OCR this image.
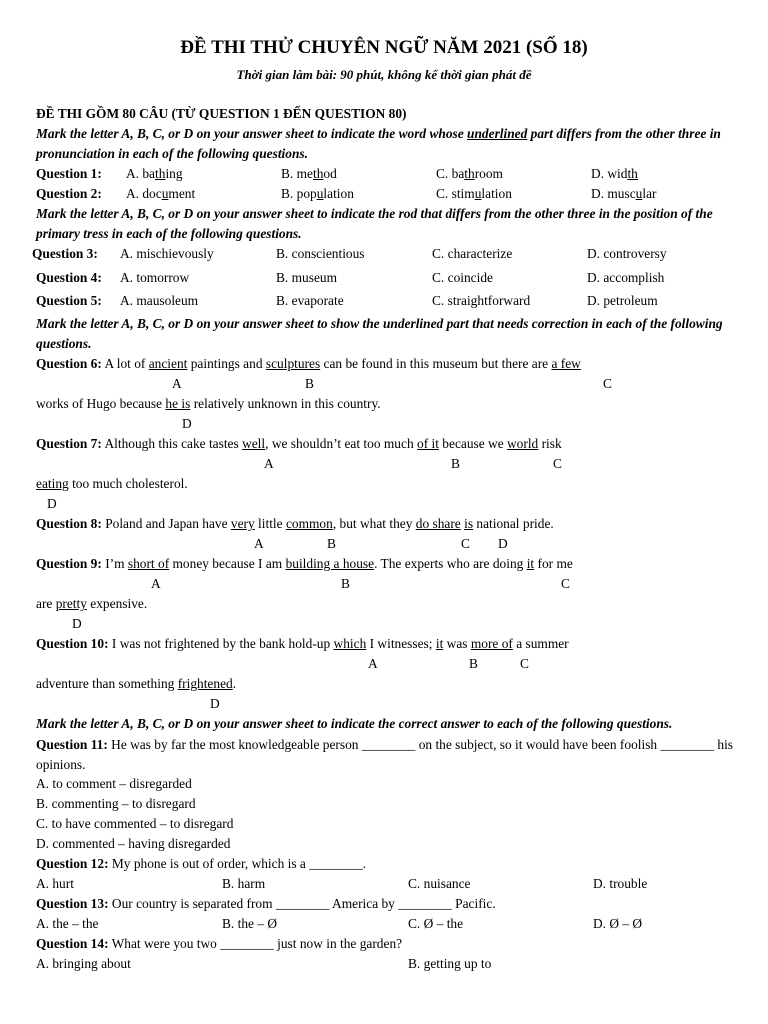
ĐỀ THI THỬ CHUYÊN NGỮ NĂM 2021 (SỐ 18)
Thời gian làm bài: 90 phút, không kể thời gian phát đề
ĐỀ THI GỒM 80 CÂU (TỪ QUESTION 1 ĐẾN QUESTION 80)
Mark the letter A, B, C, or D on your answer sheet to indicate the word whose underlined part differs from the other three in pronunciation in each of the following questions.
Question 1: A. bathing	B. method	C. bathroom	D. width
Question 2: A. document	B. population	C. stimulation	D. muscular
Mark the letter A, B, C, or D on your answer sheet to indicate the rod that differs from the other three in the position of the primary tress in each of the following questions.
Question 3: A. mischievously	B. conscientious	C. characterize	D. controversy
Question 4: A. tomorrow	B. museum	C. coincide	D. accomplish
Question 5: A. mausoleum	B. evaporate	C. straightforward	D. petroleum
Mark the letter A, B, C, or D on your answer sheet to show the underlined part that needs correction in each of the following questions.
Question 6: A lot of ancient paintings and sculptures can be found in this museum but there are a few
A	B	C
works of Hugo because he is relatively unknown in this country.
D
Question 7: Although this cake tastes well, we shouldn’t eat too much of it because we world risk
A	B	C
eating too much cholesterol.
D
Question 8: Poland and Japan have very little common, but what they do share is national pride.
A	B	C D
Question 9: I’m short of money because I am building a house. The experts who are doing it for me
A	B	C
are pretty expensive.
D
Question 10: I was not frightened by the bank hold-up which I witnesses; it was more of a summer
A	B	C
adventure than something frightened.
D
Mark the letter A, B, C, or D on your answer sheet to indicate the correct answer to each of the following questions.
Question 11: He was by far the most knowledgeable person ________ on the subject, so it would have been foolish ________ his opinions.
A. to comment – disregarded
B. commenting – to disregard
C. to have commented – to disregard
D. commented – having disregarded
Question 12: My phone is out of order, which is a ________.
A. hurt	B. harm	C. nuisance	D. trouble
Question 13: Our country is separated from ________ America by ________ Pacific.
A. the – the	B. the – Ø	C. Ø – the	D. Ø – Ø
Question 14: What were you two ________ just now in the garden?
A. bringing about	B. getting up to
